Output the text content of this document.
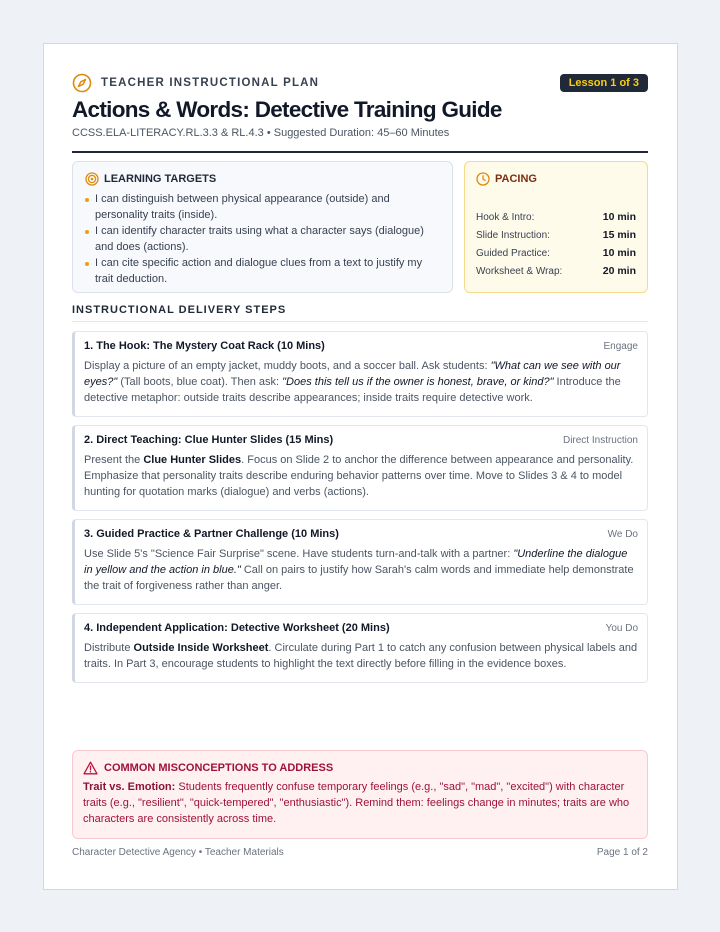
TEACHER INSTRUCTIONAL PLAN	Lesson 1 of 3
Actions & Words: Detective Training Guide
CCSS.ELA-LITERACY.RL.3.3 & RL.4.3 • Suggested Duration: 45–60 Minutes
LEARNING TARGETS
I can distinguish between physical appearance (outside) and personality traits (inside).
I can identify character traits using what a character says (dialogue) and does (actions).
I can cite specific action and dialogue clues from a text to justify my trait deduction.
PACING
Hook & Intro:	10 min
Slide Instruction:	15 min
Guided Practice:	10 min
Worksheet & Wrap:	20 min
INSTRUCTIONAL DELIVERY STEPS
1. The Hook: The Mystery Coat Rack (10 Mins)	Engage
Display a picture of an empty jacket, muddy boots, and a soccer ball. Ask students: "What can we see with our eyes?" (Tall boots, blue coat). Then ask: "Does this tell us if the owner is honest, brave, or kind?" Introduce the detective metaphor: outside traits describe appearances; inside traits require detective work.
2. Direct Teaching: Clue Hunter Slides (15 Mins)	Direct Instruction
Present the Clue Hunter Slides. Focus on Slide 2 to anchor the difference between appearance and personality. Emphasize that personality traits describe enduring behavior patterns over time. Move to Slides 3 & 4 to model hunting for quotation marks (dialogue) and verbs (actions).
3. Guided Practice & Partner Challenge (10 Mins)	We Do
Use Slide 5's "Science Fair Surprise" scene. Have students turn-and-talk with a partner: "Underline the dialogue in yellow and the action in blue." Call on pairs to justify how Sarah's calm words and immediate help demonstrate the trait of forgiveness rather than anger.
4. Independent Application: Detective Worksheet (20 Mins)	You Do
Distribute Outside Inside Worksheet. Circulate during Part 1 to catch any confusion between physical labels and traits. In Part 3, encourage students to highlight the text directly before filling in the evidence boxes.
COMMON MISCONCEPTIONS TO ADDRESS
Trait vs. Emotion: Students frequently confuse temporary feelings (e.g., "sad", "mad", "excited") with character traits (e.g., "resilient", "quick-tempered", "enthusiastic"). Remind them: feelings change in minutes; traits are who characters are consistently across time.
Character Detective Agency • Teacher Materials	Page 1 of 2
